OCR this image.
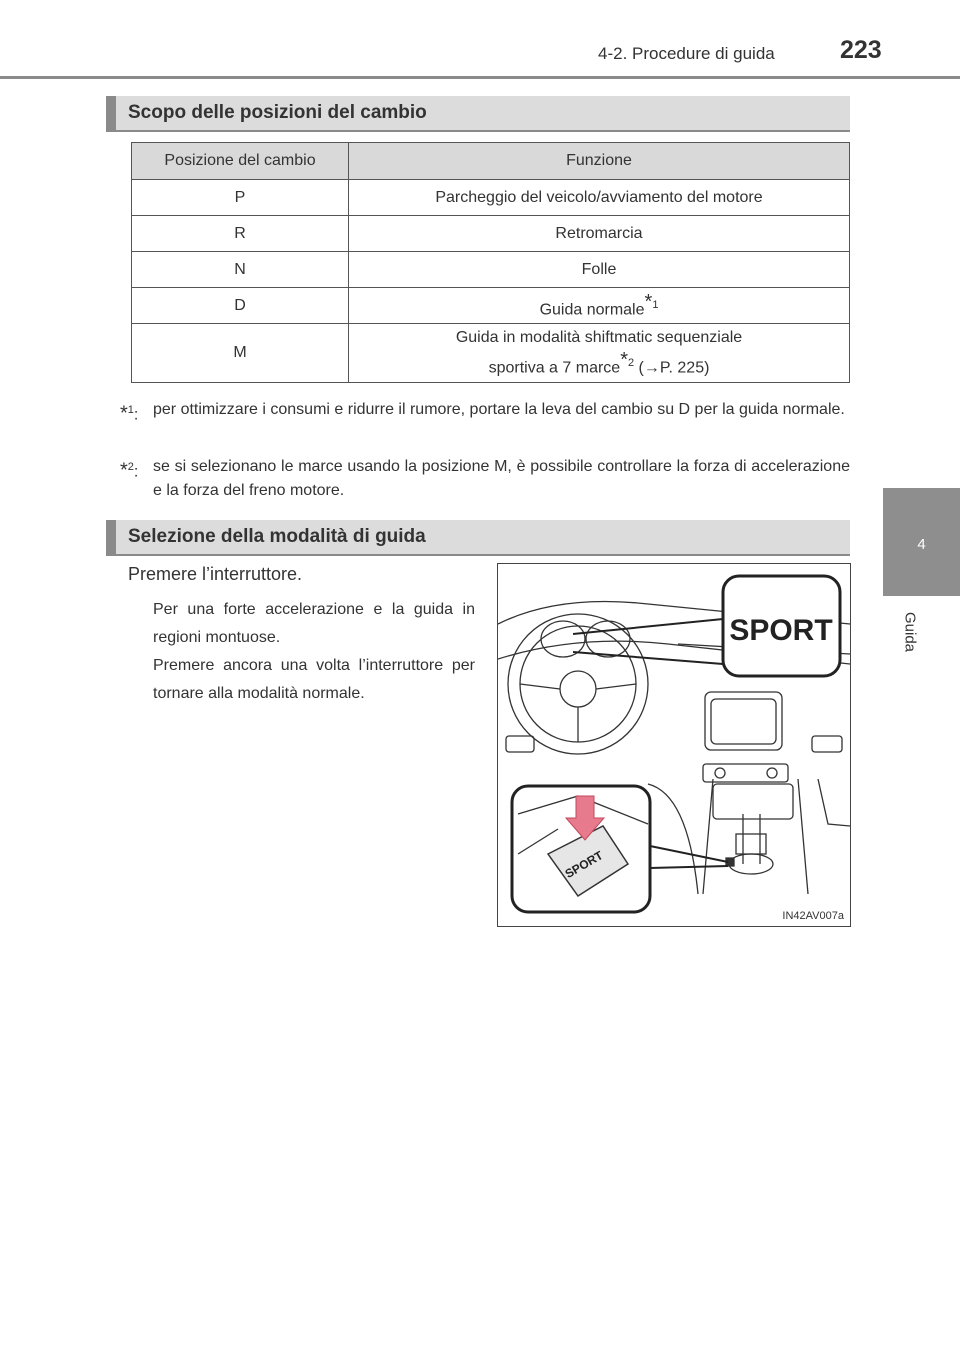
4-2. Procedure di guida	223
4
Guida
Scopo delle posizioni del cambio
Posizione del cambio	Funzione
P	Parcheggio del veicolo/avviamento del motore
R	Retromarcia
N	Folle
D	Guida normale$^{*1}$
M	Guida in modalità shiftmatic sequenziale
sportiva a 7 marce$^{*2}$ (→P. 225)
*$^1$: per ottimizzare i consumi e ridurre il rumore, portare la leva del cambio su D per la guida normale.
*$^2$: se si selezionano le marce usando la posizione M, è possibile controllare la forza di accelerazione e la forza del freno motore.
Selezione della modalità di guida
Premere l’interruttore.
Per una forte accelerazione e la guida in regioni montuose.
Premere ancora una volta l’interruttore per tornare alla modalità normale.
SPORT
SPORT
IN42AV007a
